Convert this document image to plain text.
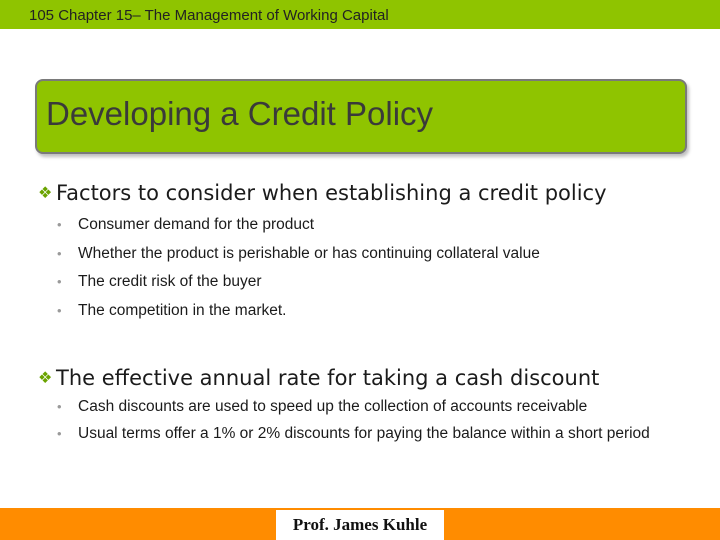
105 Chapter 15– The Management of Working Capital
Developing a Credit Policy
❖ Factors to consider when establishing a credit policy
• Consumer demand for the product
• Whether the product is perishable or has continuing collateral value
• The credit risk of the buyer
• The competition in the market.
❖ The effective annual rate for taking a cash discount
• Cash discounts are used to speed up the collection of accounts receivable
• Usual terms offer a 1% or 2% discounts for paying the balance within a short period
Prof. James Kuhle
